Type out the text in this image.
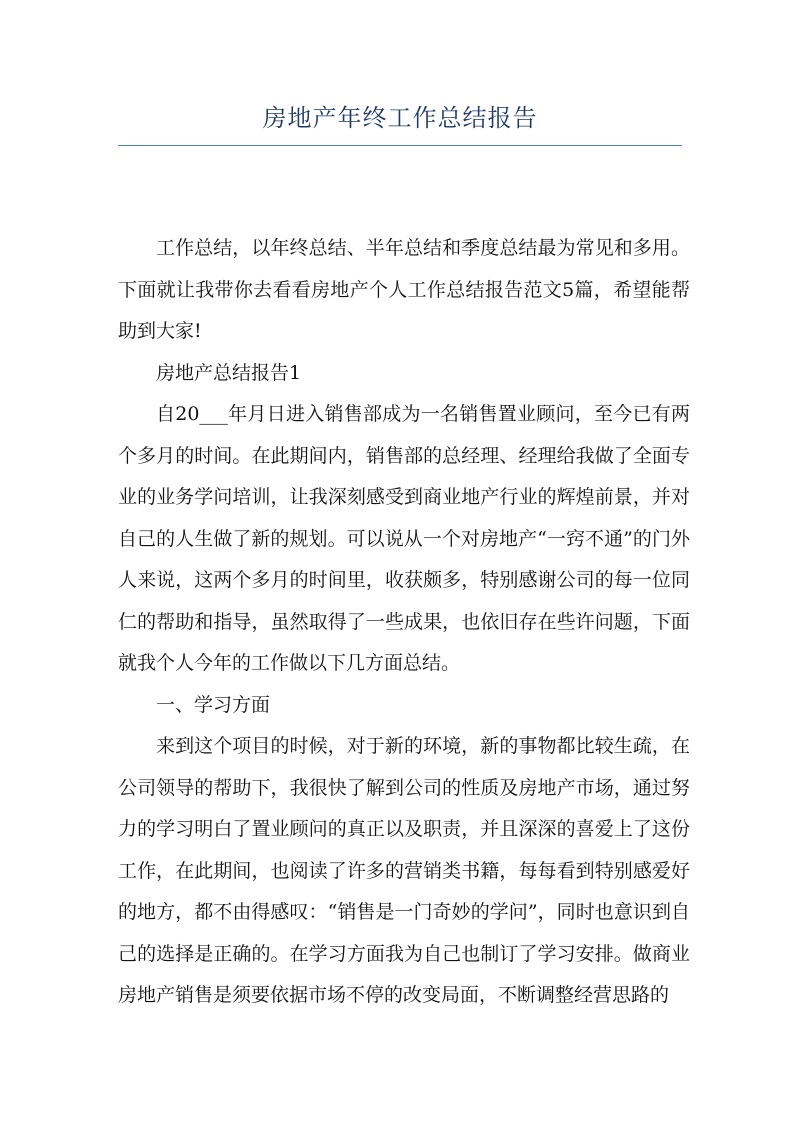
房地产年终工作总结报告

工作总结，以年终总结、半年总结和季度总结最为常见和多用。下面就让我带你去看看房地产个人工作总结报告范文5篇，希望能帮助到大家!

房地产总结报告1

自20___年月日进入销售部成为一名销售置业顾问，至今已有两个多月的时间。在此期间内，销售部的总经理、经理给我做了全面专业的业务学问培训，让我深刻感受到商业地产行业的辉煌前景，并对自己的人生做了新的规划。可以说从一个对房地产“一窍不通”的门外人来说，这两个多月的时间里，收获颇多，特别感谢公司的每一位同仁的帮助和指导，虽然取得了一些成果，也依旧存在些许问题，下面就我个人今年的工作做以下几方面总结。

一、学习方面

来到这个项目的时候，对于新的环境，新的事物都比较生疏，在公司领导的帮助下，我很快了解到公司的性质及房地产市场，通过努力的学习明白了置业顾问的真正以及职责，并且深深的喜爱上了这份工作，在此期间，也阅读了许多的营销类书籍，每每看到特别感爱好的地方，都不由得感叹：“销售是一门奇妙的学问”，同时也意识到自己的选择是正确的。在学习方面我为自己也制订了学习安排。做商业房地产销售是须要依据市场不停的改变局面，不断调整经营思路的
